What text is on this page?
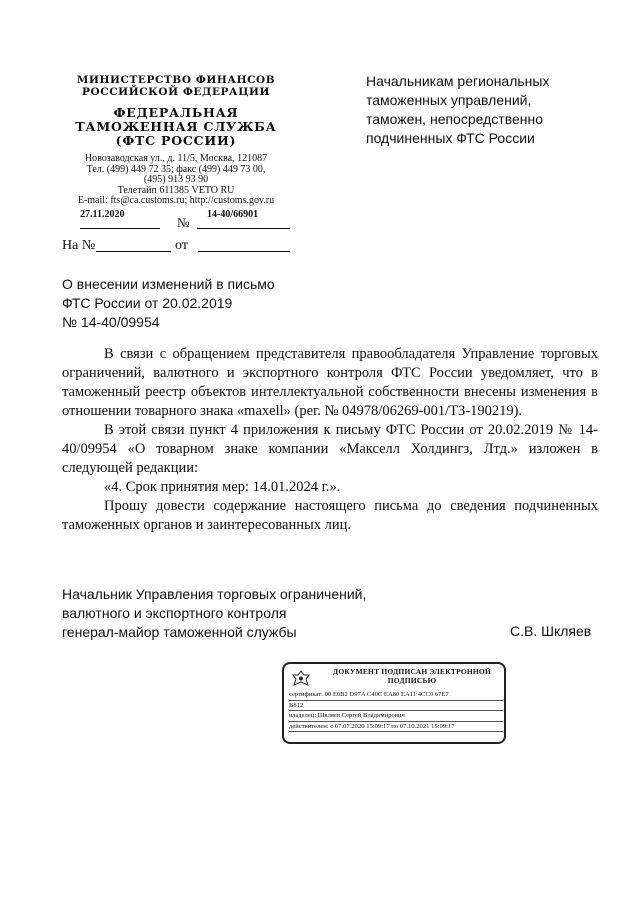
МИНИСТЕРСТВО ФИНАНСОВ
РОССИЙСКОЙ ФЕДЕРАЦИИ
ФЕДЕРАЛЬНАЯ
ТАМОЖЕННАЯ СЛУЖБА
(ФТС РОССИИ)
Новозаводская ул., д. 11/5, Москва, 121087
Тел. (499) 449 72 35; факс (499) 449 73 00,
(495) 913 93 90
Телетайп 611385 VETO RU
E-mail: fts@ca.customs.ru; http://customs.gov.ru
27.11.2020
№
14-40/66901
На №	от
Начальникам региональных
таможенных управлений,
таможен, непосредственно
подчиненных ФТС России
О внесении изменений в письмо
ФТС России от 20.02.2019
№ 14-40/09954

В связи с обращением представителя правообладателя Управление торговых ограничений, валютного и экспортного контроля ФТС России уведомляет, что в таможенный реестр объектов интеллектуальной собственности внесены изменения в отношении товарного знака «maxell» (рег. № 04978/06269-001/ТЗ-190219).

В этой связи пункт 4 приложения к письму ФТС России от 20.02.2019 № 14-40/09954 «О товарном знаке компании «Макселл Холдингз, Лтд.» изложен в следующей редакции:

«4. Срок принятия мер: 14.01.2024 г.».

Прошу довести содержание настоящего письма до сведения подчиненных таможенных органов и заинтересованных лиц.

Начальник Управления торговых ограничений,
валютного и экспортного контроля
генерал-майор таможенной службы	С.В. Шкляев
ДОКУМЕНТ ПОДПИСАН ЭЛЕКТРОННОЙ
ПОДПИСЬЮ
сертификат: 00 E0B2 D97A C40C EA80 EA11 4CC0 67E7
B812
владелец: Шкляев Сергей Владимирович
действителен: с 07.07.2020 15:09:17 по 07.10.2021 15:09:17
